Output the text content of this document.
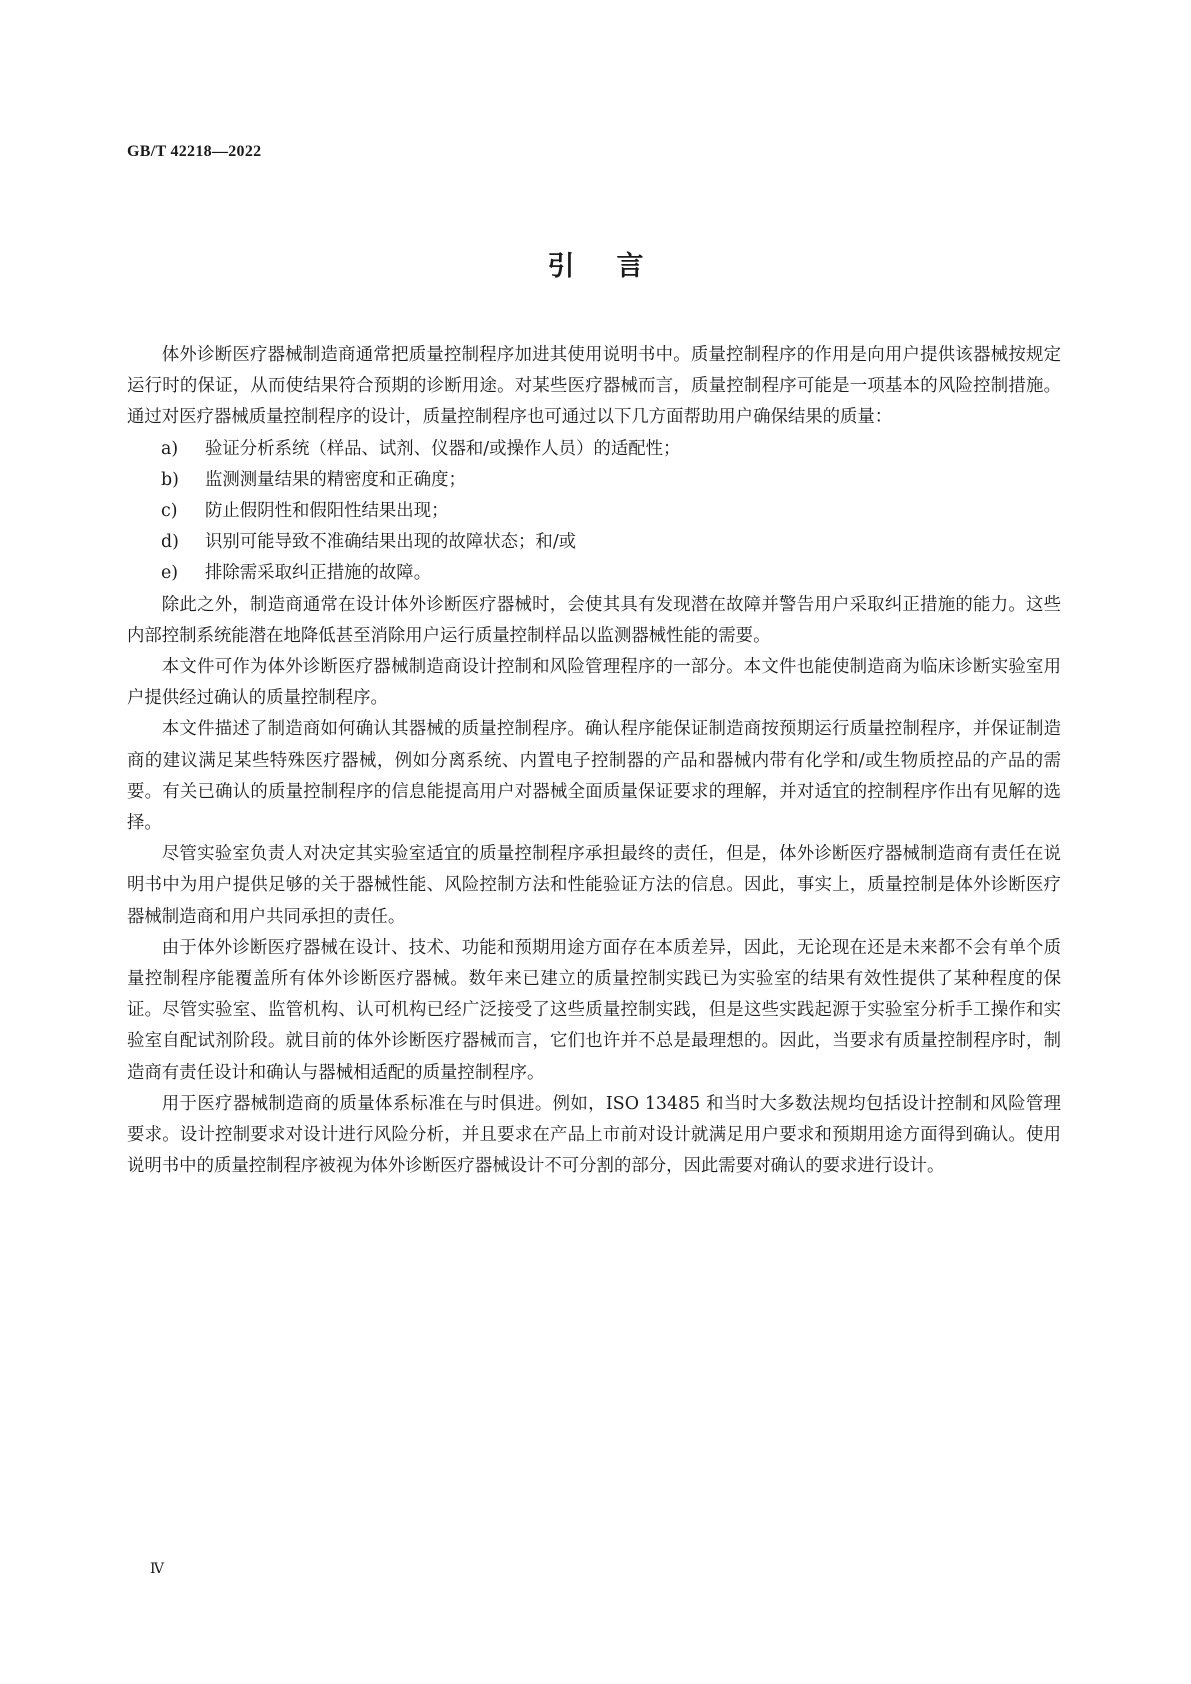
GB/T 42218—2022
引言

体外诊断医疗器械制造商通常把质量控制程序加进其使用说明书中。质量控制程序的作用是向用户提供该器械按规定运行时的保证，从而使结果符合预期的诊断用途。对某些医疗器械而言，质量控制程序可能是一项基本的风险控制措施。通过对医疗器械质量控制程序的设计，质量控制程序也可通过以下几方面帮助用户确保结果的质量：

a)	验证分析系统（样品、试剂、仪器和/或操作人员）的适配性；
b)	监测测量结果的精密度和正确度；
c)	防止假阴性和假阳性结果出现；
d)	识别可能导致不准确结果出现的故障状态；和/或
e)	排除需采取纠正措施的故障。

除此之外，制造商通常在设计体外诊断医疗器械时，会使其具有发现潜在故障并警告用户采取纠正措施的能力。这些内部控制系统能潜在地降低甚至消除用户运行质量控制样品以监测器械性能的需要。

本文件可作为体外诊断医疗器械制造商设计控制和风险管理程序的一部分。本文件也能使制造商为临床诊断实验室用户提供经过确认的质量控制程序。

本文件描述了制造商如何确认其器械的质量控制程序。确认程序能保证制造商按预期运行质量控制程序，并保证制造商的建议满足某些特殊医疗器械，例如分离系统、内置电子控制器的产品和器械内带有化学和/或生物质控品的产品的需要。有关已确认的质量控制程序的信息能提高用户对器械全面质量保证要求的理解，并对适宜的控制程序作出有见解的选择。

尽管实验室负责人对决定其实验室适宜的质量控制程序承担最终的责任，但是，体外诊断医疗器械制造商有责任在说明书中为用户提供足够的关于器械性能、风险控制方法和性能验证方法的信息。因此，事实上，质量控制是体外诊断医疗器械制造商和用户共同承担的责任。

由于体外诊断医疗器械在设计、技术、功能和预期用途方面存在本质差异，因此，无论现在还是未来都不会有单个质量控制程序能覆盖所有体外诊断医疗器械。数年来已建立的质量控制实践已为实验室的结果有效性提供了某种程度的保证。尽管实验室、监管机构、认可机构已经广泛接受了这些质量控制实践，但是这些实践起源于实验室分析手工操作和实验室自配试剂阶段。就目前的体外诊断医疗器械而言，它们也许并不总是最理想的。因此，当要求有质量控制程序时，制造商有责任设计和确认与器械相适配的质量控制程序。

用于医疗器械制造商的质量体系标准在与时俱进。例如，ISO 13485 和当时大多数法规均包括设计控制和风险管理要求。设计控制要求对设计进行风险分析，并且要求在产品上市前对设计就满足用户要求和预期用途方面得到确认。使用说明书中的质量控制程序被视为体外诊断医疗器械设计不可分割的部分，因此需要对确认的要求进行设计。

Ⅳ
